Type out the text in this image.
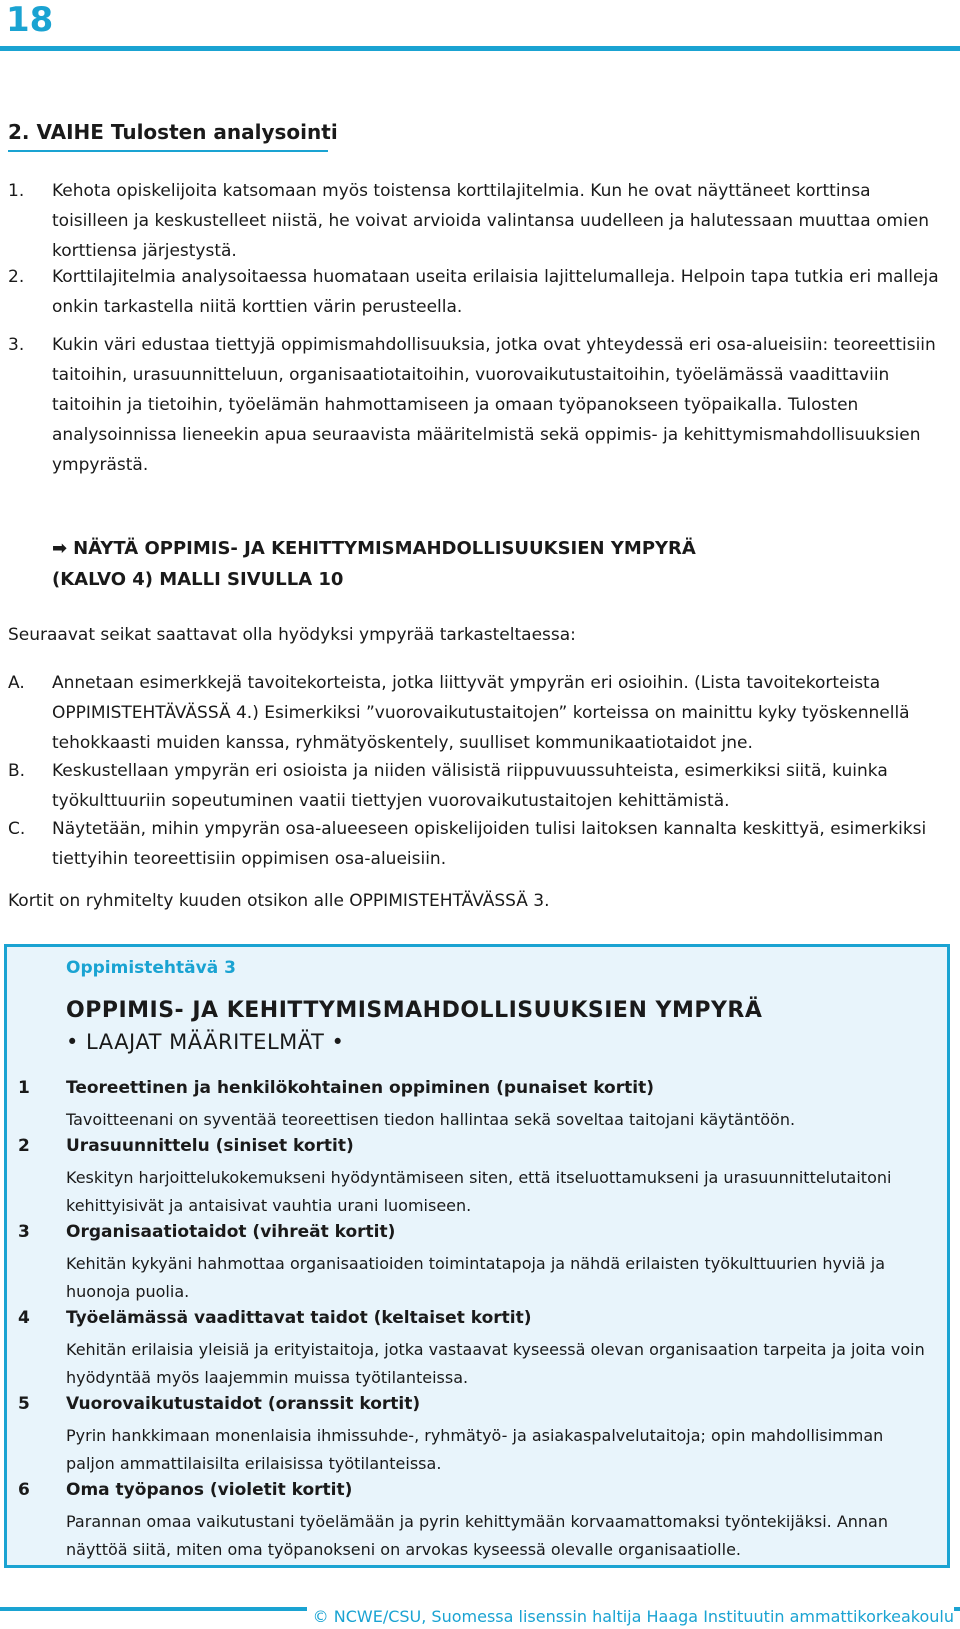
18
2. VAIHE Tulosten analysointi
1. Kehota opiskelijoita katsomaan myös toistensa korttilajitelmia. Kun he ovat näyttäneet korttinsa toisilleen ja keskustelleet niistä, he voivat arvioida valintansa uudelleen ja halutessaan muuttaa omien korttiensa järjestystä.

2. Korttilajitelmia analysoitaessa huomataan useita erilaisia lajittelumalleja. Helpoin tapa tutkia eri malleja onkin tarkastella niitä korttien värin perusteella.

3. Kukin väri edustaa tiettyjä oppimismahdollisuuksia, jotka ovat yhteydessä eri osa-alueisiin: teoreettisiin taitoihin, urasuunnitteluun, organisaatiotaitoihin, vuorovaikutustaitoihin, työelämässä vaadittaviin taitoihin ja tietoihin, työelämän hahmottamiseen ja omaan työpanokseen työpaikalla. Tulosten analysoinnissa lieneekin apua seuraavista määritelmistä sekä oppimis- ja kehittymismahdollisuuksien ympyrästä.

➡ NÄYTÄ OPPIMIS- JA KEHITTYMISMAHDOLLISUUKSIEN YMPYRÄ
(KALVO 4) MALLI SIVULLA 10

Seuraavat seikat saattavat olla hyödyksi ympyrää tarkasteltaessa:

A. Annetaan esimerkkejä tavoitekorteista, jotka liittyvät ympyrän eri osioihin. (Lista tavoitekorteista OPPIMISTEHTÄVÄSSÄ 4.) Esimerkiksi ”vuorovaikutustaitojen” korteissa on mainittu kyky työskennellä tehokkaasti muiden kanssa, ryhmätyöskentely, suulliset kommunikaatiotaidot jne.

B. Keskustellaan ympyrän eri osioista ja niiden välisistä riippuvuussuhteista, esimerkiksi siitä, kuinka työkulttuuriin sopeutuminen vaatii tiettyjen vuorovaikutustaitojen kehittämistä.

C. Näytetään, mihin ympyrän osa-alueeseen opiskelijoiden tulisi laitoksen kannalta keskittyä, esimerkiksi tiettyihin teoreettisiin oppimisen osa-alueisiin.

Kortit on ryhmitelty kuuden otsikon alle OPPIMISTEHTÄVÄSSÄ 3.

Oppimistehtävä 3
OPPIMIS- JA KEHITTYMISMAHDOLLISUUKSIEN YMPYRÄ
• LAAJAT MÄÄRITELMÄT •
1 Teoreettinen ja henkilökohtainen oppiminen (punaiset kortit)

Tavoitteenani on syventää teoreettisen tiedon hallintaa sekä soveltaa taitojani käytäntöön.

2 Urasuunnittelu (siniset kortit)

Keskityn harjoittelukokemukseni hyödyntämiseen siten, että itseluottamukseni ja urasuunnittelutaitoni kehittyisivät ja antaisivat vauhtia urani luomiseen.

3 Organisaatiotaidot (vihreät kortit)

Kehitän kykyäni hahmottaa organisaatioiden toimintatapoja ja nähdä erilaisten työkulttuurien hyviä ja huonoja puolia.

4 Työelämässä vaadittavat taidot (keltaiset kortit)

Kehitän erilaisia yleisiä ja erityistaitoja, jotka vastaavat kyseessä olevan organisaation tarpeita ja joita voin hyödyntää myös laajemmin muissa työtilanteissa.

5 Vuorovaikutustaidot (oranssit kortit)

Pyrin hankkimaan monenlaisia ihmissuhde-, ryhmätyö- ja asiakaspalvelutaitoja; opin mahdollisimman paljon ammattilaisilta erilaisissa työtilanteissa.

6 Oma työpanos (violetit kortit)

Parannan omaa vaikutustani työelämään ja pyrin kehittymään korvaamattomaksi työntekijäksi. Annan näyttöä siitä, miten oma työpanokseni on arvokas kyseessä olevalle organisaatiolle.

© NCWE/CSU, Suomessa lisenssin haltija Haaga Instituutin ammattikorkeakoulu
